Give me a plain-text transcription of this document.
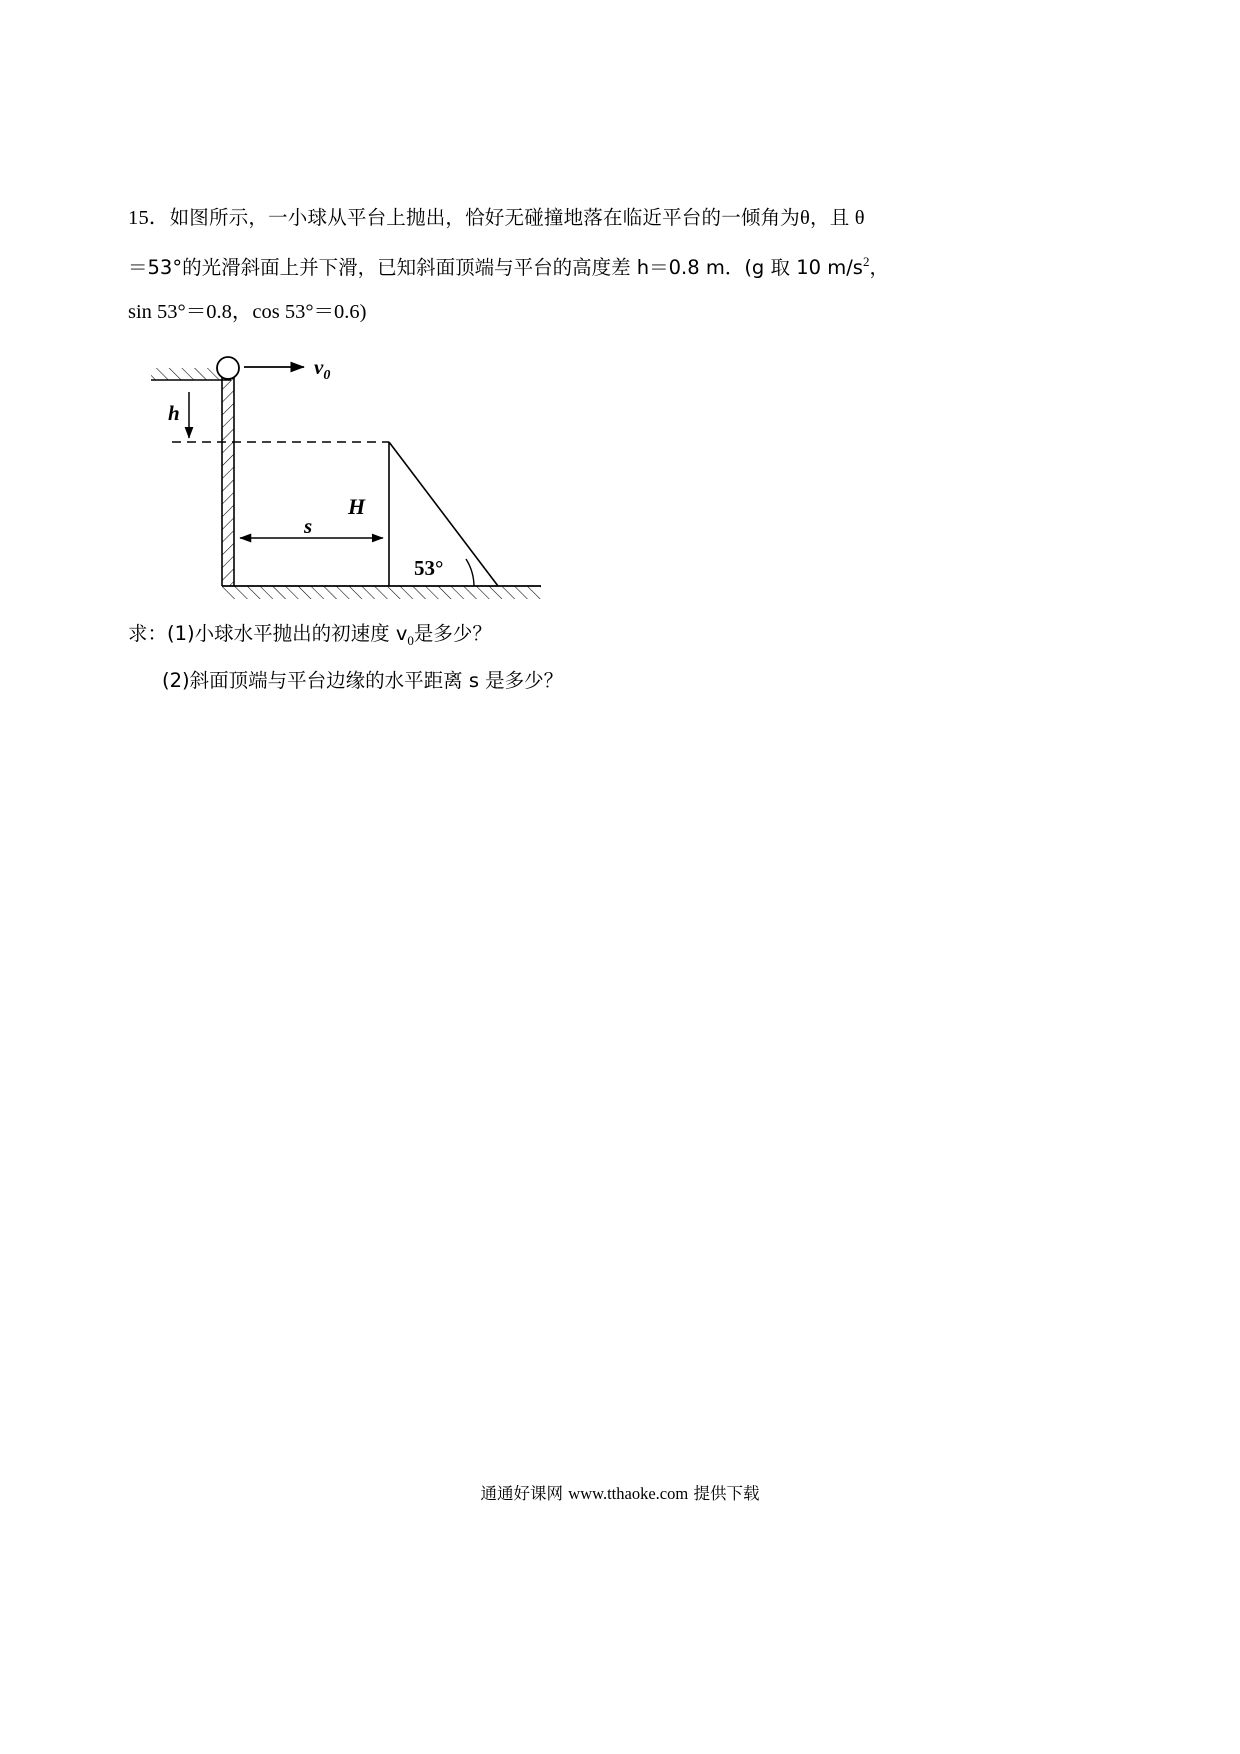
15．如图所示，一小球从平台上抛出，恰好无碰撞地落在临近平台的一倾角为θ，且 θ
＝53°的光滑斜面上并下滑，已知斜面顶端与平台的高度差 h＝0.8 m．(g 取 10 $m/s^2$，
sin 53°＝0.8，cos 53°＝0.6)
$v_0$
h
H
s
53°
求：(1)小球水平抛出的初速度 $v_0$是多少？
(2)斜面顶端与平台边缘的水平距离 s 是多少？
通通好课网 www.tthaoke.com 提供下载
